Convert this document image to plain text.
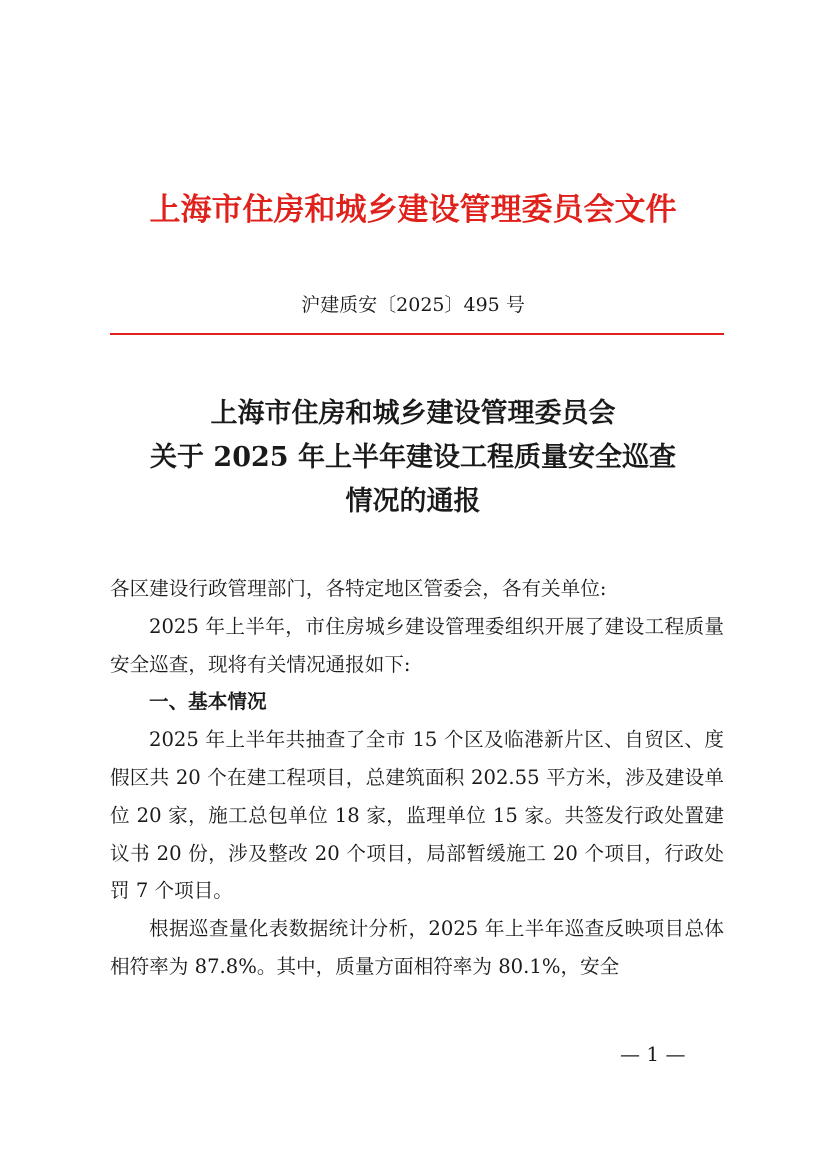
上海市住房和城乡建设管理委员会文件
沪建质安〔2025〕495 号
上海市住房和城乡建设管理委员会
关于 2025 年上半年建设工程质量安全巡查
情况的通报

各区建设行政管理部门，各特定地区管委会，各有关单位:

2025 年上半年，市住房城乡建设管理委组织开展了建设工程质量安全巡查，现将有关情况通报如下:

一、基本情况

2025 年上半年共抽查了全市 15 个区及临港新片区、自贸区、度假区共 20 个在建工程项目，总建筑面积 202.55 平方米，涉及建设单位 20 家，施工总包单位 18 家，监理单位 15 家。共签发行政处置建议书 20 份，涉及整改 20 个项目，局部暂缓施工 20 个项目，行政处罚 7 个项目。

根据巡查量化表数据统计分析，2025 年上半年巡查反映项目总体相符率为 87.8%。其中，质量方面相符率为 80.1%，安全

— 1 —
